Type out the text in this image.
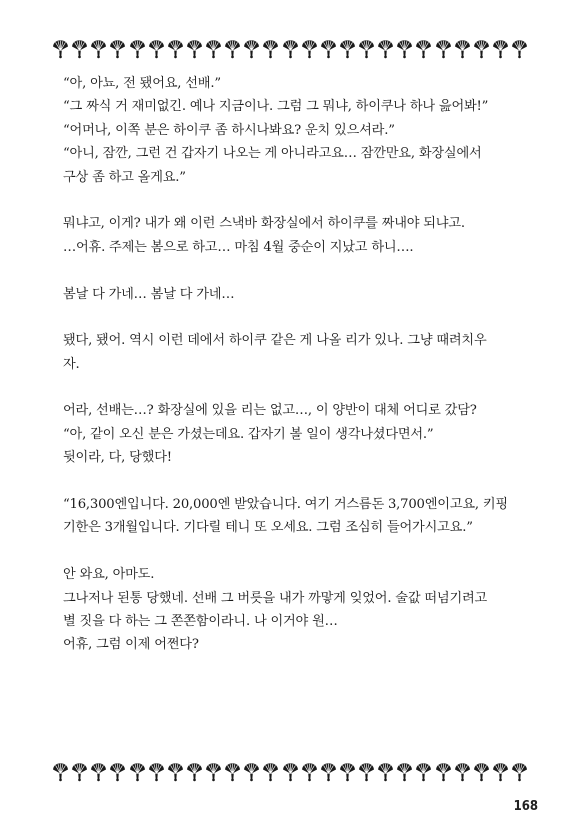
“아, 아뇨, 전 됐어요, 선배.”
“그 짜식 거 재미없긴. 예나 지금이나. 그럼 그 뭐냐, 하이쿠나 하나 읊어봐!”
“어머나, 이쪽 분은 하이쿠 좀 하시나봐요? 운치 있으셔라.”
“아니, 잠깐, 그런 건 갑자기 나오는 게 아니라고요… 잠깐만요, 화장실에서
구상 좀 하고 올게요.”
뭐냐고, 이게? 내가 왜 이런 스낵바 화장실에서 하이쿠를 짜내야 되냐고.
…어휴. 주제는 봄으로 하고… 마침 4월 중순이 지났고 하니….
봄날 다 가네… 봄날 다 가네…
됐다, 됐어. 역시 이런 데에서 하이쿠 같은 게 나올 리가 있나. 그냥 때려치우
자.
어라, 선배는…? 화장실에 있을 리는 없고…, 이 양반이 대체 어디로 갔담?
“아, 같이 오신 분은 가셨는데요. 갑자기 볼 일이 생각나셨다면서.”
뒷이라, 다, 당했다!
“16,300엔입니다. 20,000엔 받았습니다. 여기 거스름돈 3,700엔이고요, 키핑
기한은 3개월입니다. 기다릴 테니 또 오세요. 그럼 조심히 들어가시고요.”
안 와요, 아마도.
그나저나 된통 당했네. 선배 그 버릇을 내가 까맣게 잊었어. 술값 떠넘기려고
별 짓을 다 하는 그 쫀쫀함이라니. 나 이거야 원…
어휴, 그럼 이제 어쩐다?
168
